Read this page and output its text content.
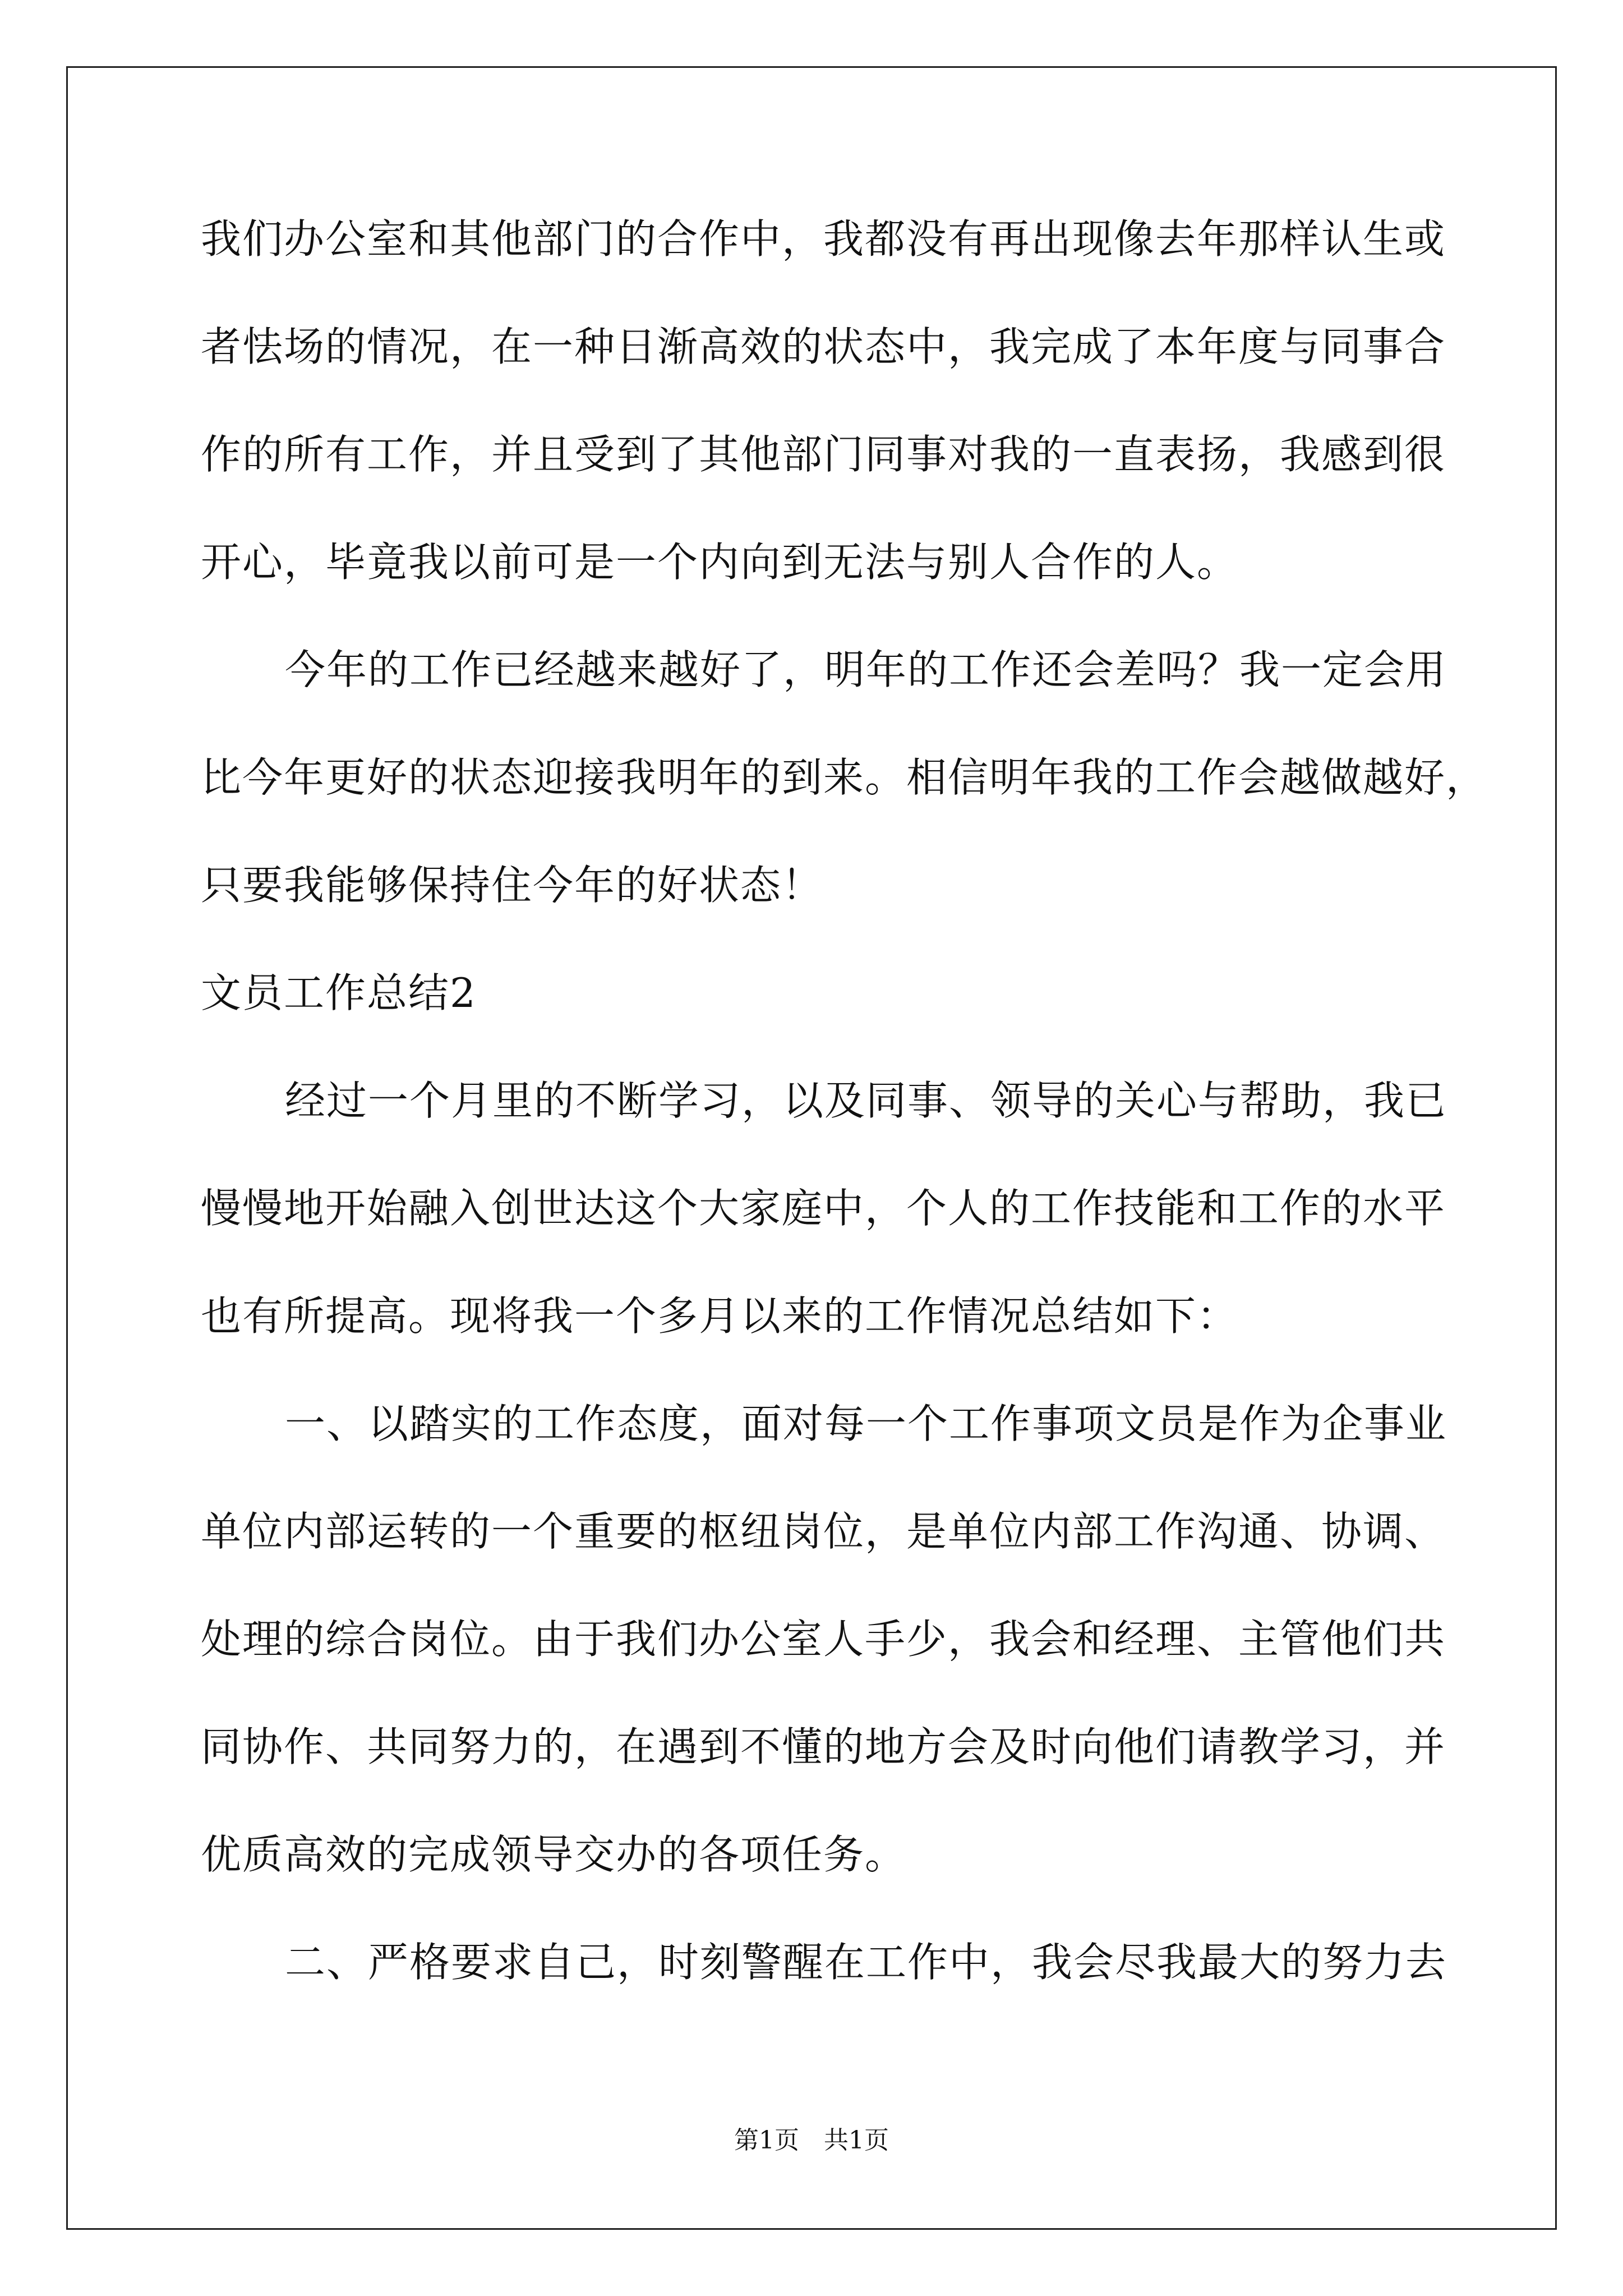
我们办公室和其他部门的合作中，我都没有再出现像去年那样认生或
者怯场的情况，在一种日渐高效的状态中，我完成了本年度与同事合
作的所有工作，并且受到了其他部门同事对我的一直表扬，我感到很
开心，毕竟我以前可是一个内向到无法与别人合作的人。
今年的工作已经越来越好了，明年的工作还会差吗？我一定会用
比今年更好的状态迎接我明年的到来。相信明年我的工作会越做越好，
只要我能够保持住今年的好状态！
文员工作总结2
经过一个月里的不断学习，以及同事、领导的关心与帮助，我已
慢慢地开始融入创世达这个大家庭中，个人的工作技能和工作的水平
也有所提高。现将我一个多月以来的工作情况总结如下：
一、以踏实的工作态度，面对每一个工作事项文员是作为企事业
单位内部运转的一个重要的枢纽岗位，是单位内部工作沟通、协调、
处理的综合岗位。由于我们办公室人手少，我会和经理、主管他们共
同协作、共同努力的，在遇到不懂的地方会及时向他们请教学习，并
优质高效的完成领导交办的各项任务。
二、严格要求自己，时刻警醒在工作中，我会尽我最大的努力去
第1页　共1页
